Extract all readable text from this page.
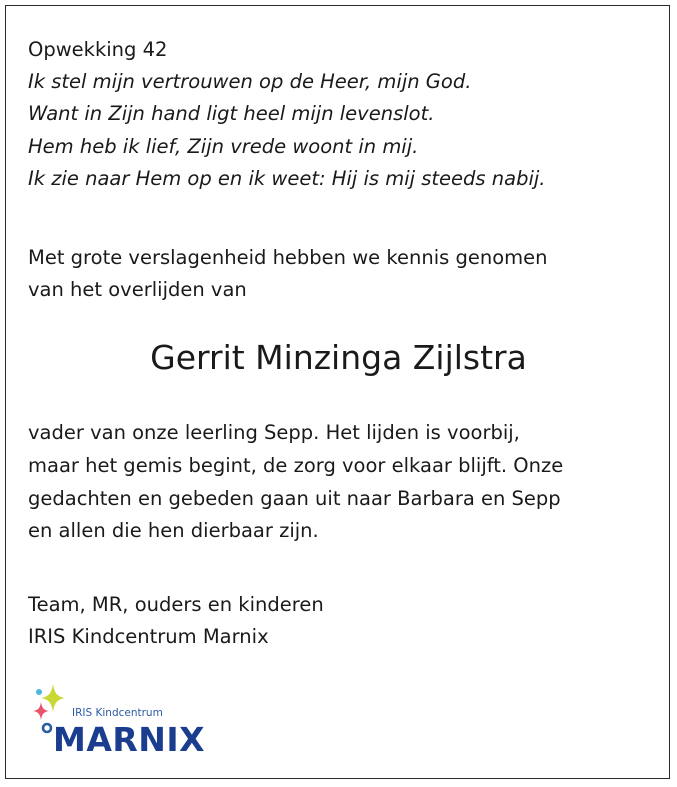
Opwekking 42
Ik stel mijn vertrouwen op de Heer, mijn God.
Want in Zijn hand ligt heel mijn levenslot.
Hem heb ik lief, Zijn vrede woont in mij.
Ik zie naar Hem op en ik weet: Hij is mij steeds nabij.
Met grote verslagenheid hebben we kennis genomen
van het overlijden van
Gerrit Minzinga Zijlstra
vader van onze leerling Sepp. Het lijden is voorbij,
maar het gemis begint, de zorg voor elkaar blijft. Onze
gedachten en gebeden gaan uit naar Barbara en Sepp
en allen die hen dierbaar zijn.
Team, MR, ouders en kinderen
IRIS Kindcentrum Marnix
IRIS Kindcentrum
MARNIX
